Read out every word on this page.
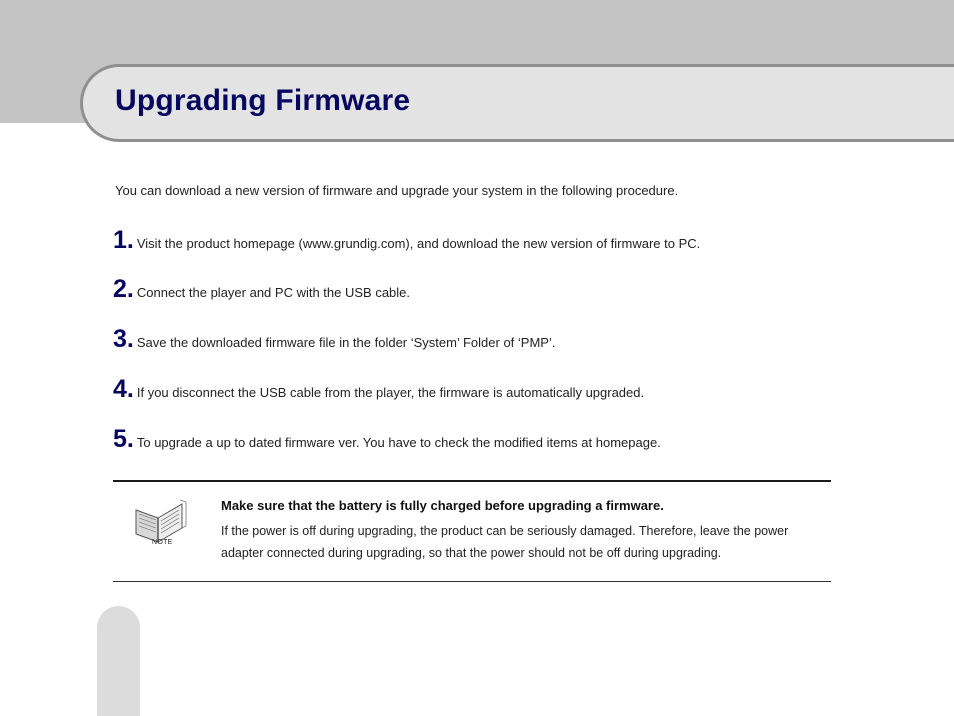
Upgrading Firmware
You can download a new version of firmware and upgrade your system in the following procedure.
1. Visit the product homepage (www.grundig.com), and download the new version of firmware to PC.
2. Connect the player and PC with the USB cable.
3. Save the downloaded firmware file in the folder ‘System’ Folder of ‘PMP’.
4. If you disconnect the USB cable from the player, the firmware is automatically upgraded.
5. To upgrade a up to dated firmware ver. You have to check the modified items at homepage.
NOTE
Make sure that the battery is fully charged before upgrading a firmware.
If the power is off during upgrading, the product can be seriously damaged. Therefore, leave the power adapter connected during upgrading, so that the power should not be off during upgrading.
